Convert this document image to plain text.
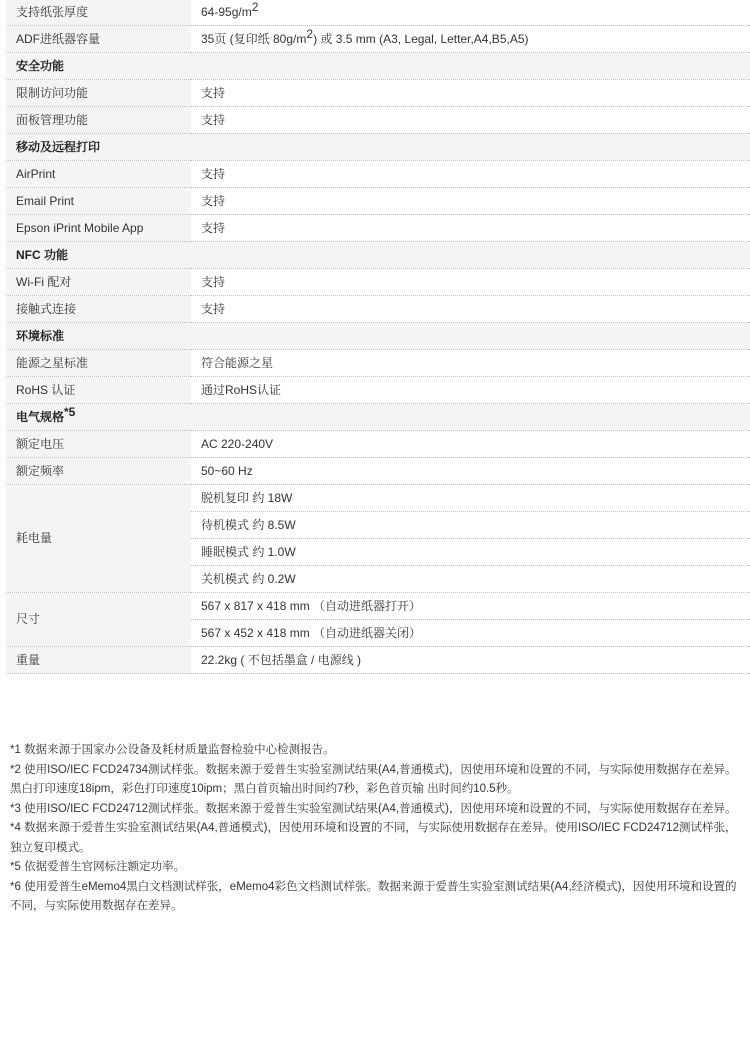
支持纸张厚度	$64-95g/m^2$
ADF进纸器容量	35页 (复印纸 $80g/m^2$) 或 3.5 mm (A3, Legal, Letter,A4,B5,A5)
安全功能	
限制访问功能	支持
面板管理功能	支持
移动及远程打印	
AirPrint	支持
Email Print	支持
Epson iPrint Mobile App	支持
NFC 功能	
Wi-Fi 配对	支持
接触式连接	支持
环境标准	
能源之星标准	符合能源之星
RoHS 认证	通过RoHS认证
电气规格$^{*5}$	
额定电压	AC 220-240V
额定频率	50~60 Hz
耗电量	脱机复印 约 18W
	待机模式 约 8.5W
	睡眠模式 约 1.0W
	关机模式 约 0.2W
尺寸	567 x 817 x 418 mm （自动进纸器打开）
	567 x 452 x 418 mm （自动进纸器关闭）
重量	22.2kg ( 不包括墨盒 / 电源线 )

*1 数据来源于国家办公设备及耗材质量监督检验中心检测报告。

*2 使用ISO/IEC FCD24734测试样张。数据来源于爱普生实验室测试结果(A4,普通模式)，因使用环境和设置的不同，与实际使用数据存在差异。黑白打印速度18ipm，彩色打印速度10ipm；黑白首页输出时间约7秒，彩色首页输 出时间约10.5秒。

*3 使用ISO/IEC FCD24712测试样张。数据来源于爱普生实验室测试结果(A4,普通模式)，因使用环境和设置的不同，与实际使用数据存在差异。

*4 数据来源于爱普生实验室测试结果(A4,普通模式)，因使用环境和设置的不同，与实际使用数据存在差异。使用ISO/IEC FCD24712测试样张，独立复印模式。

*5 依据爱普生官网标注额定功率。

*6 使用爱普生eMemo4黑白文档测试样张，eMemo4彩色文档测试样张。数据来源于爱普生实验室测试结果(A4,经济模式)，因使用环境和设置的不同，与实际使用数据存在差异。
